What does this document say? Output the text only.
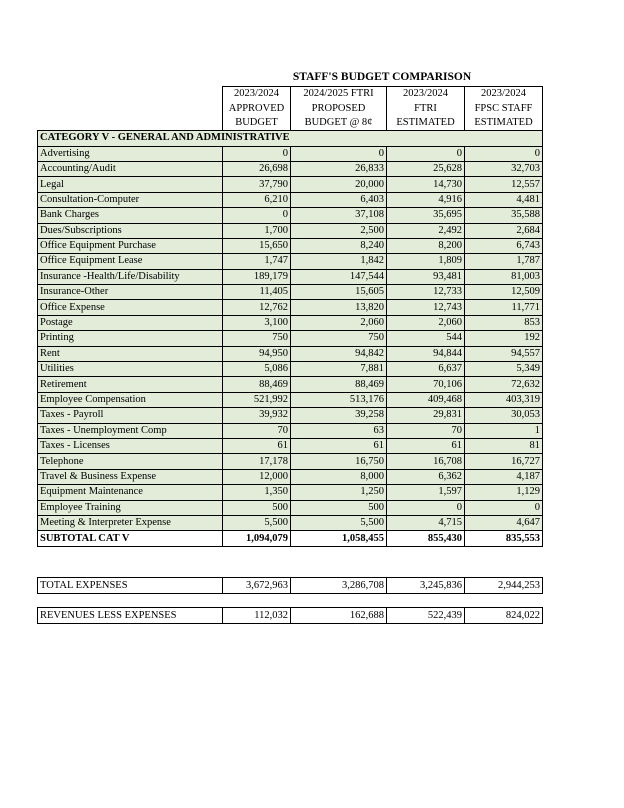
STAFF'S BUDGET COMPARISON
	2023/2024	2024/2025 FTRI	2023/2024	2023/2024
	APPROVED	PROPOSED	FTRI	FPSC STAFF
	BUDGET	BUDGET @ 8¢	ESTIMATED	ESTIMATED
CATEGORY V - GENERAL AND ADMINISTRATIVE				
Advertising	0	0	0	0
Accounting/Audit	26,698	26,833	25,628	32,703
Legal	37,790	20,000	14,730	12,557
Consultation-Computer	6,210	6,403	4,916	4,481
Bank Charges	0	37,108	35,695	35,588
Dues/Subscriptions	1,700	2,500	2,492	2,684
Office Equipment Purchase	15,650	8,240	8,200	6,743
Office Equipment Lease	1,747	1,842	1,809	1,787
Insurance -Health/Life/Disability	189,179	147,544	93,481	81,003
Insurance-Other	11,405	15,605	12,733	12,509
Office Expense	12,762	13,820	12,743	11,771
Postage	3,100	2,060	2,060	853
Printing	750	750	544	192
Rent	94,950	94,842	94,844	94,557
Utilities	5,086	7,881	6,637	5,349
Retirement	88,469	88,469	70,106	72,632
Employee Compensation	521,992	513,176	409,468	403,319
Taxes - Payroll	39,932	39,258	29,831	30,053
Taxes - Unemployment Comp	70	63	70	1
Taxes - Licenses	61	61	61	81
Telephone	17,178	16,750	16,708	16,727
Travel & Business Expense	12,000	8,000	6,362	4,187
Equipment Maintenance	1,350	1,250	1,597	1,129
Employee Training	500	500	0	0
Meeting & Interpreter Expense	5,500	5,500	4,715	4,647
SUBTOTAL CAT V	1,094,079	1,058,455	855,430	835,553
TOTAL EXPENSES	3,672,963	3,286,708	3,245,836	2,944,253
REVENUES LESS EXPENSES	112,032	162,688	522,439	824,022
